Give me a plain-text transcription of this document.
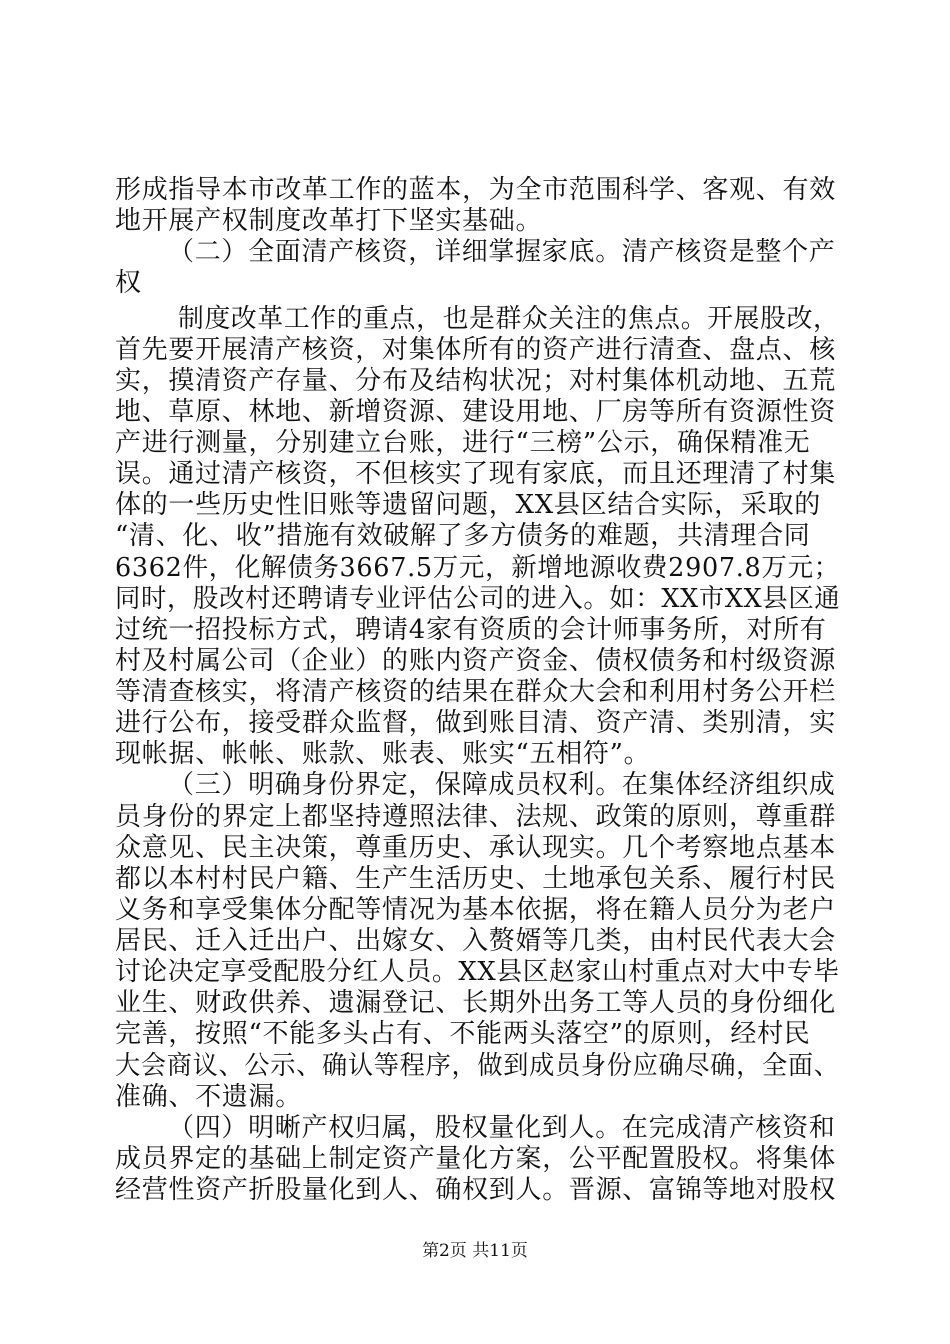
形成指导本市改革工作的蓝本，为全市范围科学、客观、有效
地开展产权制度改革打下坚实基础。
（二）全面清产核资，详细掌握家底。清产核资是整个产
权
制度改革工作的重点，也是群众关注的焦点。开展股改，
首先要开展清产核资，对集体所有的资产进行清查、盘点、核
实，摸清资产存量、分布及结构状况；对村集体机动地、五荒
地、草原、林地、新增资源、建设用地、厂房等所有资源性资
产进行测量，分别建立台账，进行“三榜”公示，确保精准无
误。通过清产核资，不但核实了现有家底，而且还理清了村集
体的一些历史性旧账等遗留问题，XX县区结合实际，采取的
“清、化、收”措施有效破解了多方债务的难题，共清理合同
6362件，化解债务3667.5万元，新增地源收费2907.8万元；
同时，股改村还聘请专业评估公司的进入。如：XX市XX县区通
过统一招投标方式，聘请4家有资质的会计师事务所，对所有
村及村属公司（企业）的账内资产资金、债权债务和村级资源
等清查核实，将清产核资的结果在群众大会和利用村务公开栏
进行公布，接受群众监督，做到账目清、资产清、类别清，实
现帐据、帐帐、账款、账表、账实“五相符”。
（三）明确身份界定，保障成员权利。在集体经济组织成
员身份的界定上都坚持遵照法律、法规、政策的原则，尊重群
众意见、民主决策，尊重历史、承认现实。几个考察地点基本
都以本村村民户籍、生产生活历史、土地承包关系、履行村民
义务和享受集体分配等情况为基本依据，将在籍人员分为老户
居民、迁入迁出户、出嫁女、入赘婿等几类，由村民代表大会
讨论决定享受配股分红人员。XX县区赵家山村重点对大中专毕
业生、财政供养、遗漏登记、长期外出务工等人员的身份细化
完善，按照“不能多头占有、不能两头落空”的原则，经村民
大会商议、公示、确认等程序，做到成员身份应确尽确，全面、
准确、不遗漏。
（四）明晰产权归属，股权量化到人。在完成清产核资和
成员界定的基础上制定资产量化方案，公平配置股权。将集体
经营性资产折股量化到人、确权到人。晋源、富锦等地对股权
第2页 共11页
